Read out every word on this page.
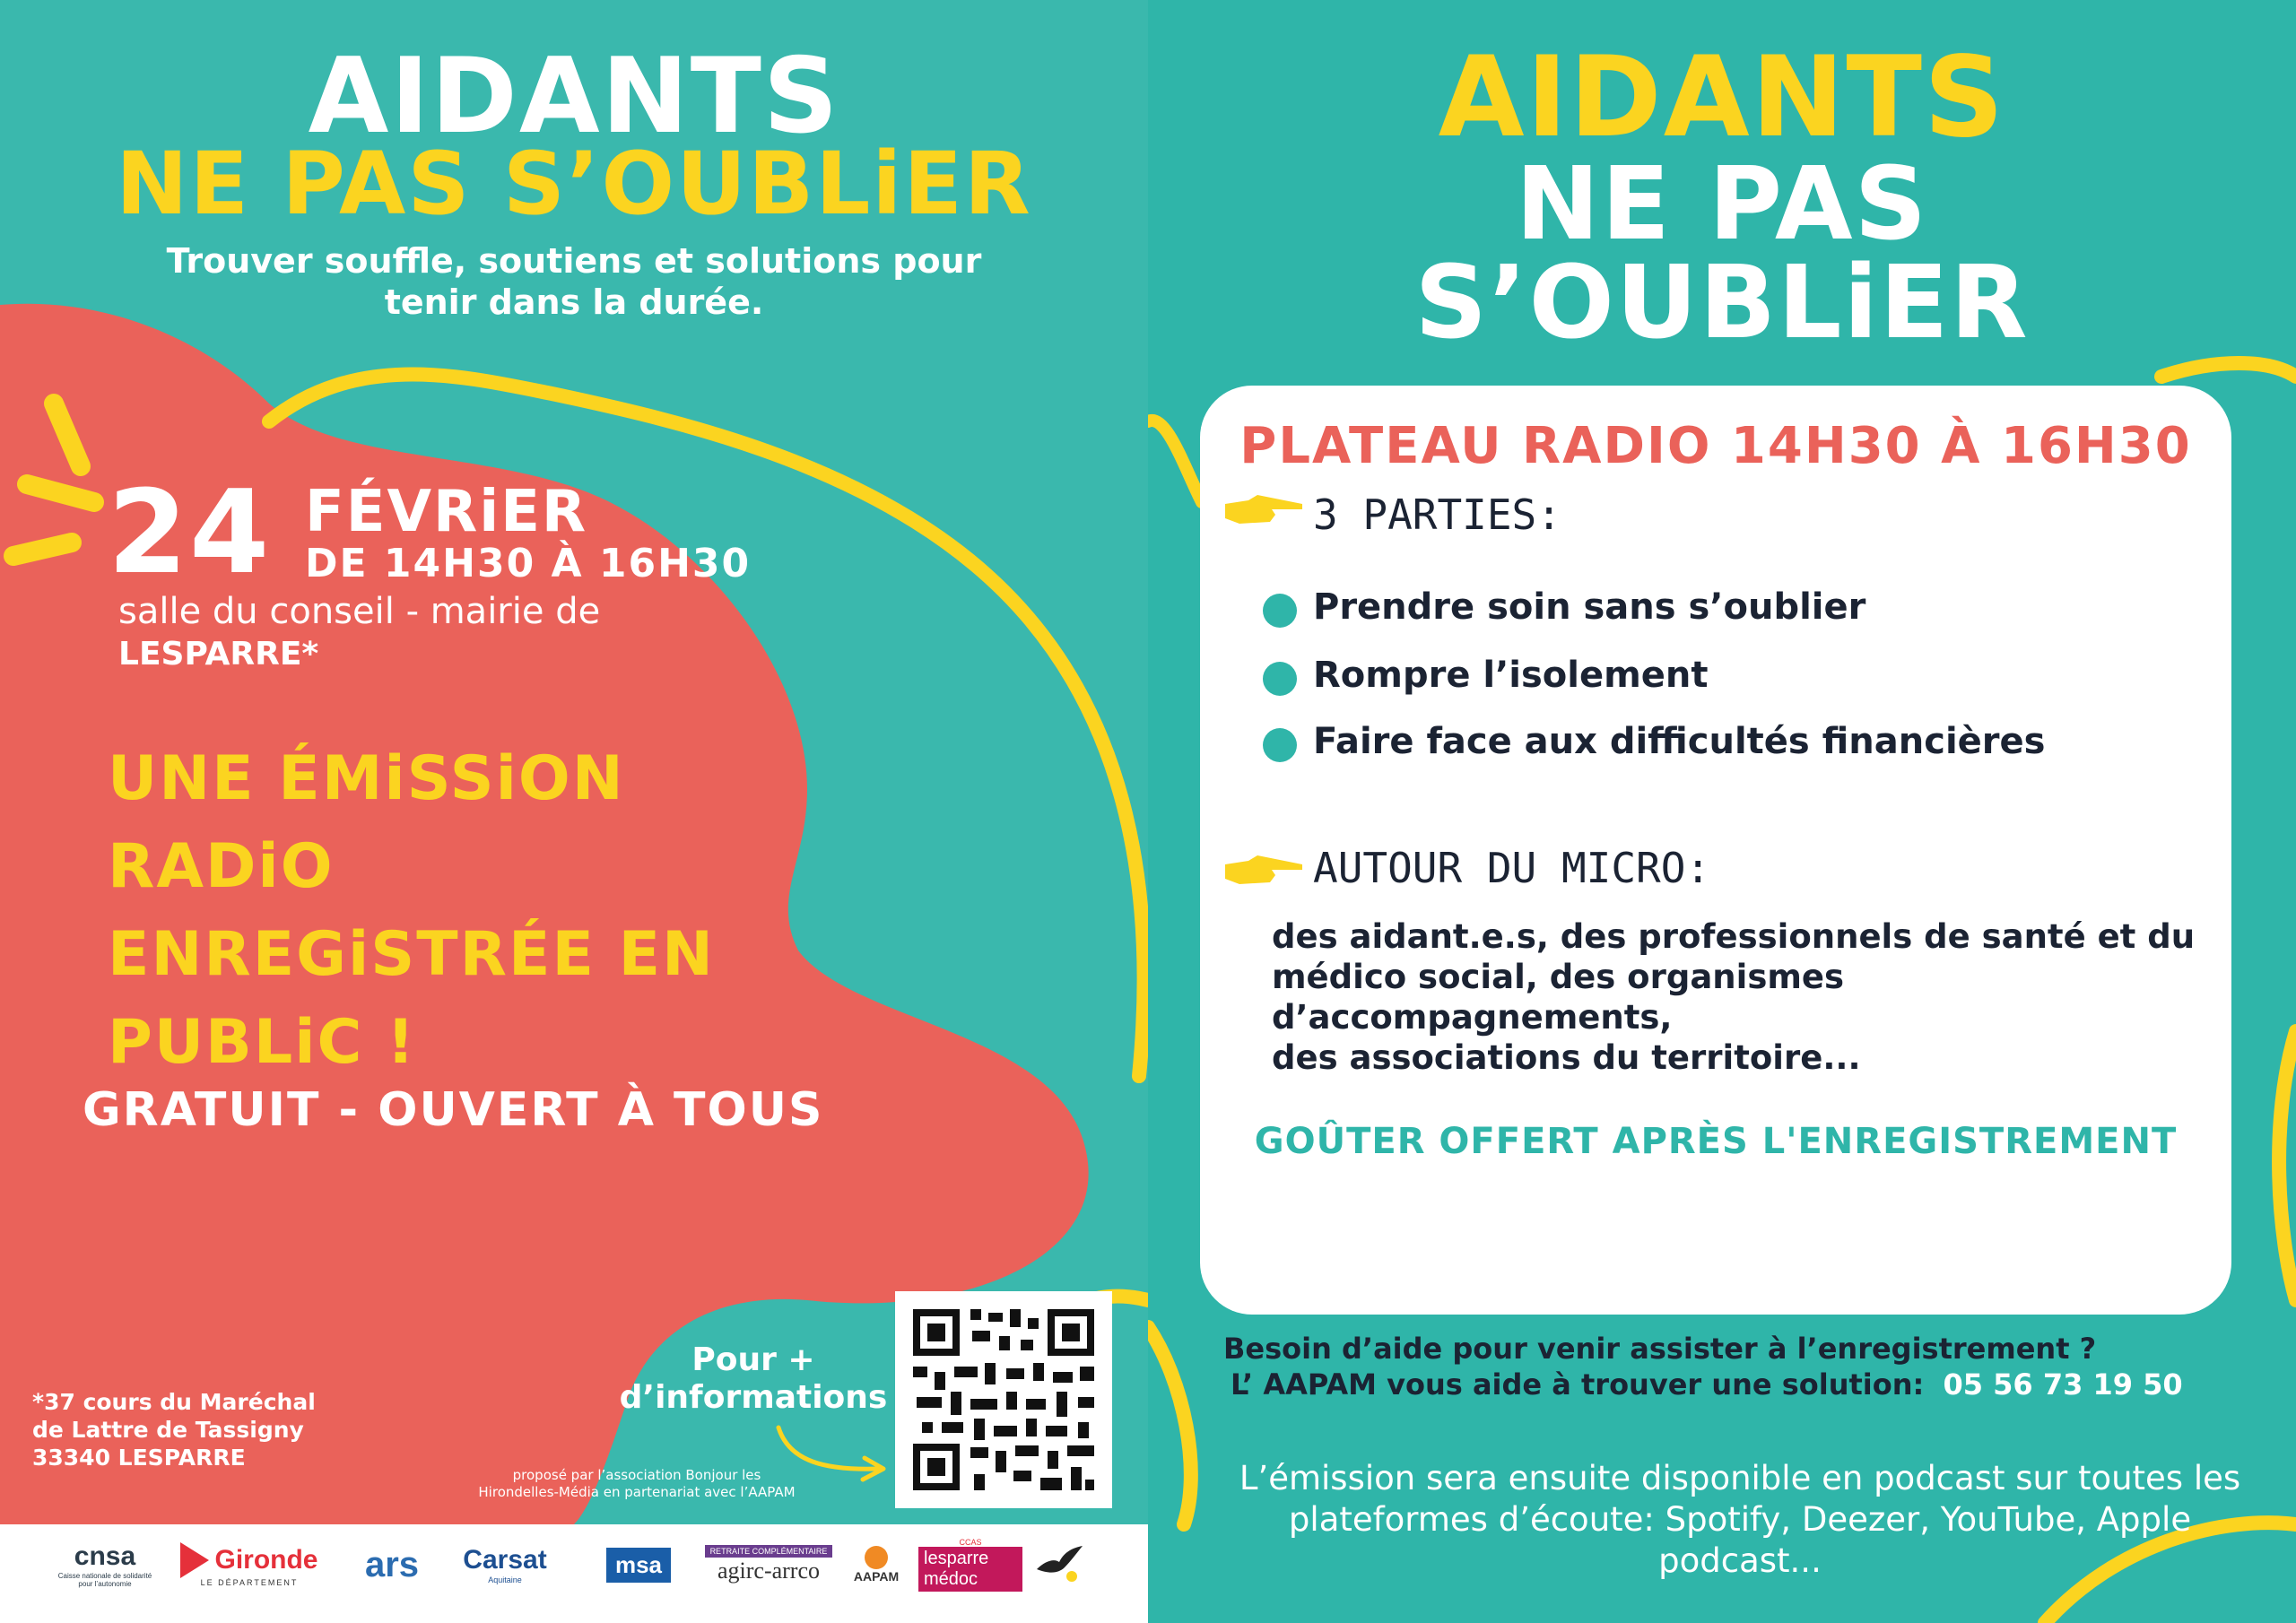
AIDANTS
NE PAS S’OUBLiER
Trouver souffle, soutiens et solutions pour
tenir dans la durée.
24 FÉVRiER
DE 14H30 À 16H30
salle du conseil - mairie de
LESPARRE*
UNE ÉMiSSiON
RADiO
ENREGiSTRÉE EN
PUBLiC !
GRATUIT - OUVERT À TOUS
*37 cours du Maréchal
de Lattre de Tassigny
33340 LESPARRE
Pour +
d’informations
proposé par l’association Bonjour les
Hirondelles-Média en partenariat avec l’AAPAM
cnsa
Caisse nationale de solidarité pour l’autonomie
Gironde
LE DÉPARTEMENT ars Carsat
Aquitaine
msa	RETRAITE COMPLÉMENTAIRE
agirc-arrco	AAPAM
CCAS
lesparre médoc
AIDANTS
NE PAS
S’OUBLiER
PLATEAU RADIO 14H30 À 16H30
3 PARTIES:
Prendre soin sans s’oublier
Rompre l’isolement
Faire face aux difficultés financières
AUTOUR DU MICRO:
des aidant.e.s, des professionnels de santé et du
médico social, des organismes d’accompagnements,
des associations du territoire...
GOÛTER OFFERT APRÈS L'ENREGISTREMENT
Besoin d’aide pour venir assister à l’enregistrement ?
L’ AAPAM vous aide à trouver une solution: 05 56 73 19 50
L’émission sera ensuite disponible en podcast sur toutes les
plateformes d’écoute: Spotify, Deezer, YouTube, Apple
podcast...
